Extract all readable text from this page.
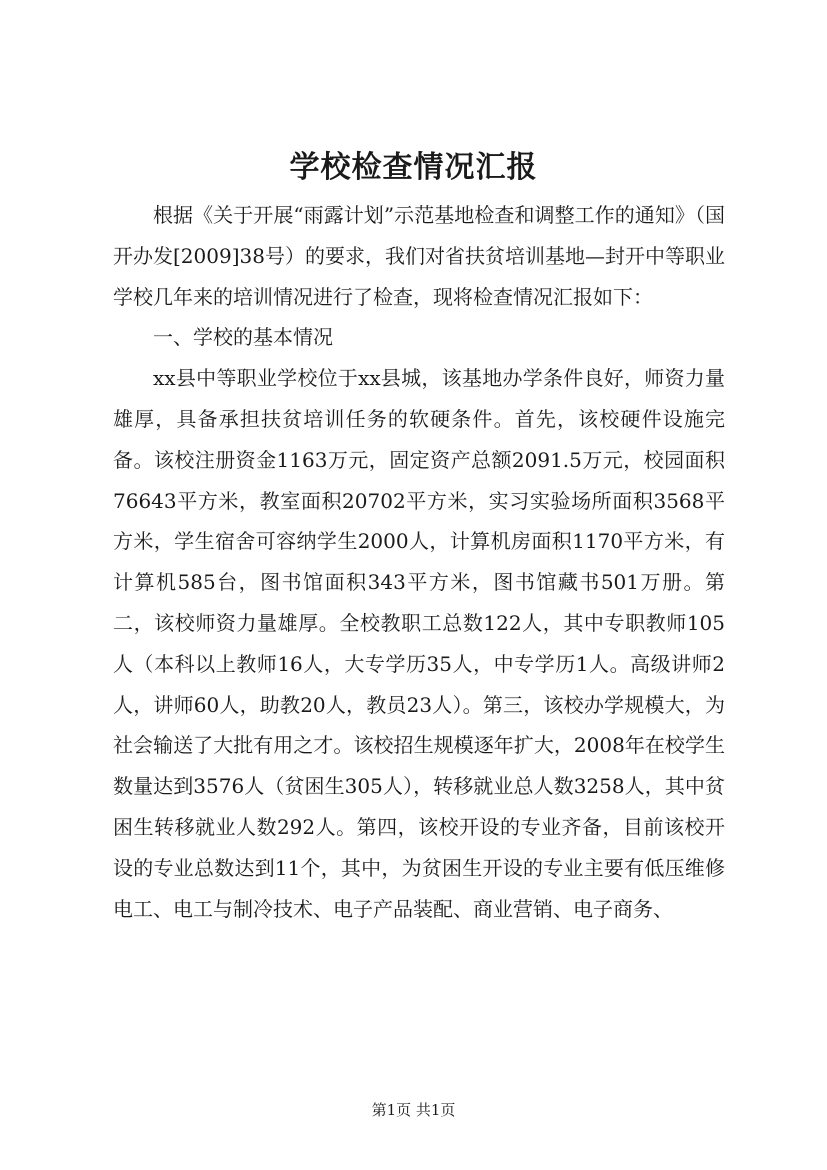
学校检查情况汇报

根据《关于开展“雨露计划”示范基地检查和调整工作的通知》（国开办发[2009]38号）的要求，我们对省扶贫培训基地—封开中等职业学校几年来的培训情况进行了检查，现将检查情况汇报如下：

一、学校的基本情况

xx县中等职业学校位于xx县城，该基地办学条件良好，师资力量雄厚，具备承担扶贫培训任务的软硬条件。首先，该校硬件设施完备。该校注册资金1163万元，固定资产总额2091.5万元，校园面积76643平方米，教室面积20702平方米，实习实验场所面积3568平方米，学生宿舍可容纳学生2000人，计算机房面积1170平方米，有计算机585台，图书馆面积343平方米，图书馆藏书501万册。第二，该校师资力量雄厚。全校教职工总数122人，其中专职教师105人（本科以上教师16人，大专学历35人，中专学历1人。高级讲师2人，讲师60人，助教20人，教员23人）。第三，该校办学规模大，为社会输送了大批有用之才。该校招生规模逐年扩大，2008年在校学生数量达到3576人（贫困生305人），转移就业总人数3258人，其中贫困生转移就业人数292人。第四，该校开设的专业齐备，目前该校开设的专业总数达到11个，其中，为贫困生开设的专业主要有低压维修电工、电工与制冷技术、电子产品装配、商业营销、电子商务、

第1页 共1页
